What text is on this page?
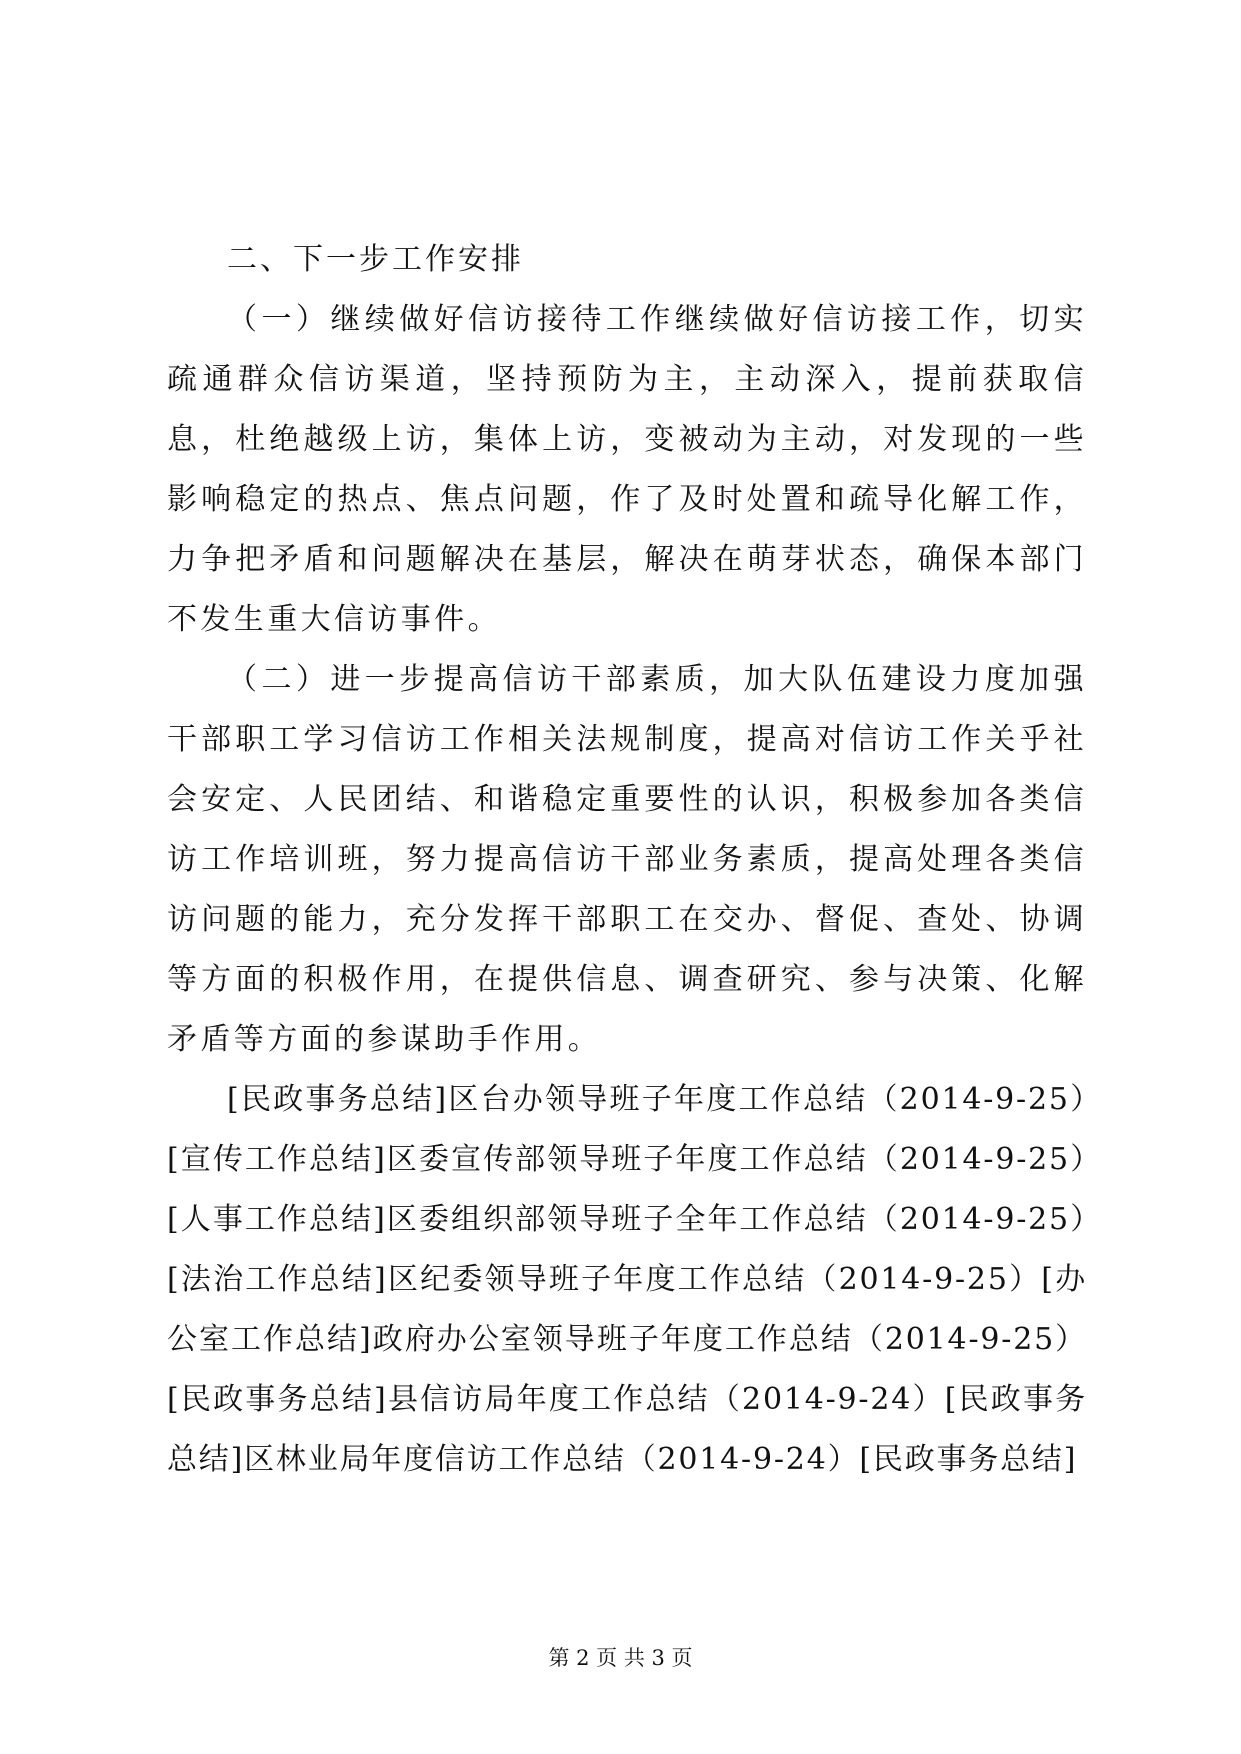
二、下一步工作安排

（一）继续做好信访接待工作继续做好信访接工作，切实疏通群众信访渠道，坚持预防为主，主动深入，提前获取信息，杜绝越级上访，集体上访，变被动为主动，对发现的一些影响稳定的热点、焦点问题，作了及时处置和疏导化解工作，力争把矛盾和问题解决在基层，解决在萌芽状态，确保本部门不发生重大信访事件。

（二）进一步提高信访干部素质，加大队伍建设力度加强干部职工学习信访工作相关法规制度，提高对信访工作关乎社会安定、人民团结、和谐稳定重要性的认识，积极参加各类信访工作培训班，努力提高信访干部业务素质，提高处理各类信访问题的能力，充分发挥干部职工在交办、督促、查处、协调等方面的积极作用，在提供信息、调查研究、参与决策、化解矛盾等方面的参谋助手作用。

[民政事务总结]区台办领导班子年度工作总结（2014-9-25）[宣传工作总结]区委宣传部领导班子年度工作总结（2014-9-25）[人事工作总结]区委组织部领导班子全年工作总结（2014-9-25）[法治工作总结]区纪委领导班子年度工作总结（2014-9-25）[办公室工作总结]政府办公室领导班子年度工作总结（2014-9-25）[民政事务总结]县信访局年度工作总结（2014-9-24）[民政事务总结]区林业局年度信访工作总结（2014-9-24）[民政事务总结]

第 2 页 共 3 页
